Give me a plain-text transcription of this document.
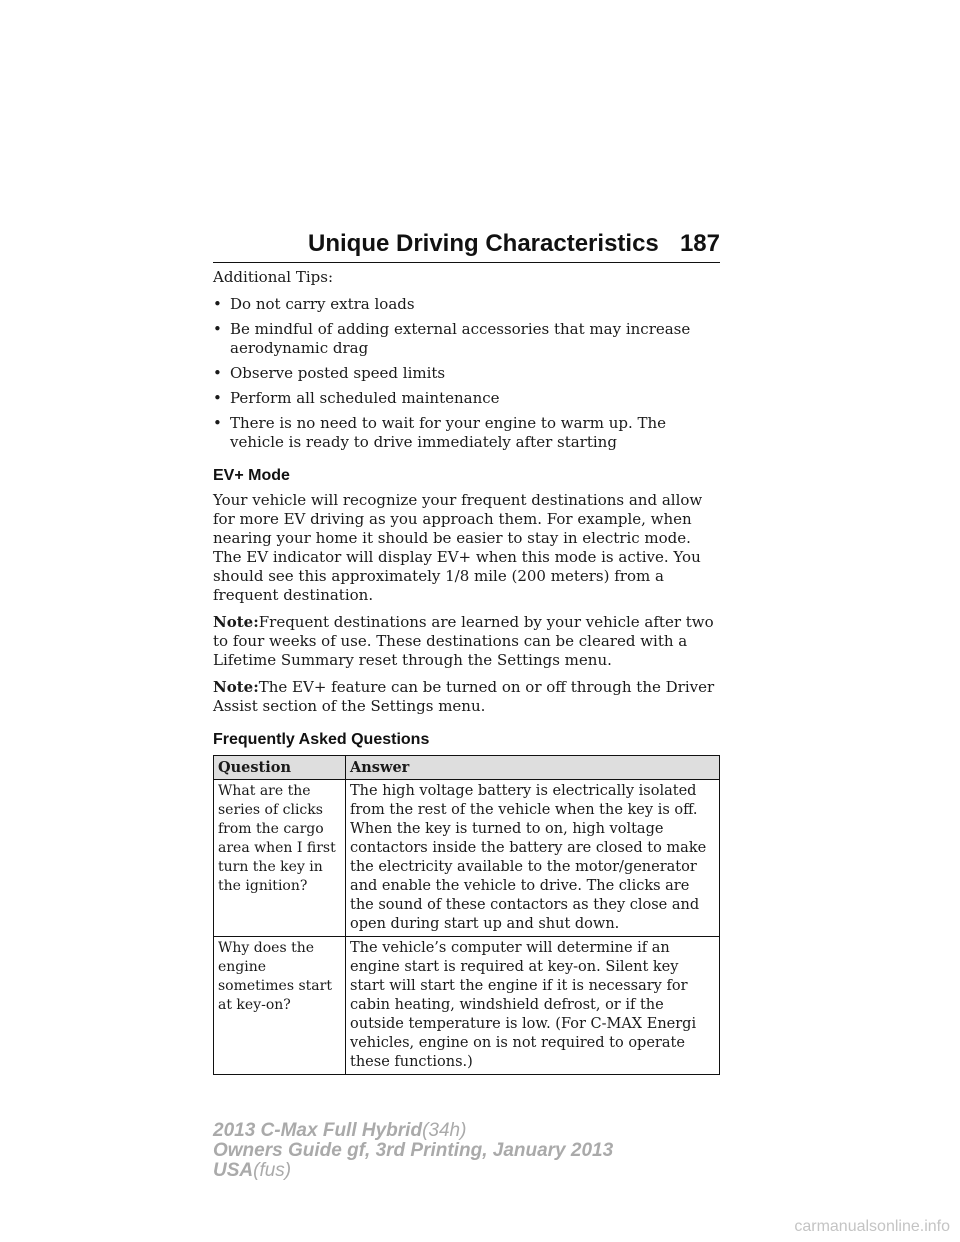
Unique Driving Characteristics 187

Additional Tips:

• Do not carry extra loads
• Be mindful of adding external accessories that may increase aerodynamic drag
• Observe posted speed limits
• Perform all scheduled maintenance
• There is no need to wait for your engine to warm up. The vehicle is ready to drive immediately after starting
EV+ Mode

Your vehicle will recognize your frequent destinations and allow for more EV driving as you approach them. For example, when nearing your home it should be easier to stay in electric mode. The EV indicator will display EV+ when this mode is active. You should see this approximately 1/8 mile (200 meters) from a frequent destination.

Note:Frequent destinations are learned by your vehicle after two to four weeks of use. These destinations can be cleared with a Lifetime Summary reset through the Settings menu.

Note:The EV+ feature can be turned on or off through the Driver Assist section of the Settings menu.

Frequently Asked Questions
Question	Answer
What are the series of clicks from the cargo area when I first turn the key in the ignition?	The high voltage battery is electrically isolated from the rest of the vehicle when the key is off. When the key is turned to on, high voltage contactors inside the battery are closed to make the electricity available to the motor/generator and enable the vehicle to drive. The clicks are the sound of these contactors as they close and open during start up and shut down.
Why does the engine sometimes start at key-on?	The vehicle’s computer will determine if an engine start is required at key-on. Silent key start will start the engine if it is necessary for cabin heating, windshield defrost, or if the outside temperature is low. (For C-MAX Energi vehicles, engine on is not required to operate these functions.)
2013 C-Max Full Hybrid(34h)
Owners Guide gf, 3rd Printing, January 2013
USA(fus)
carmanualsonline.info
